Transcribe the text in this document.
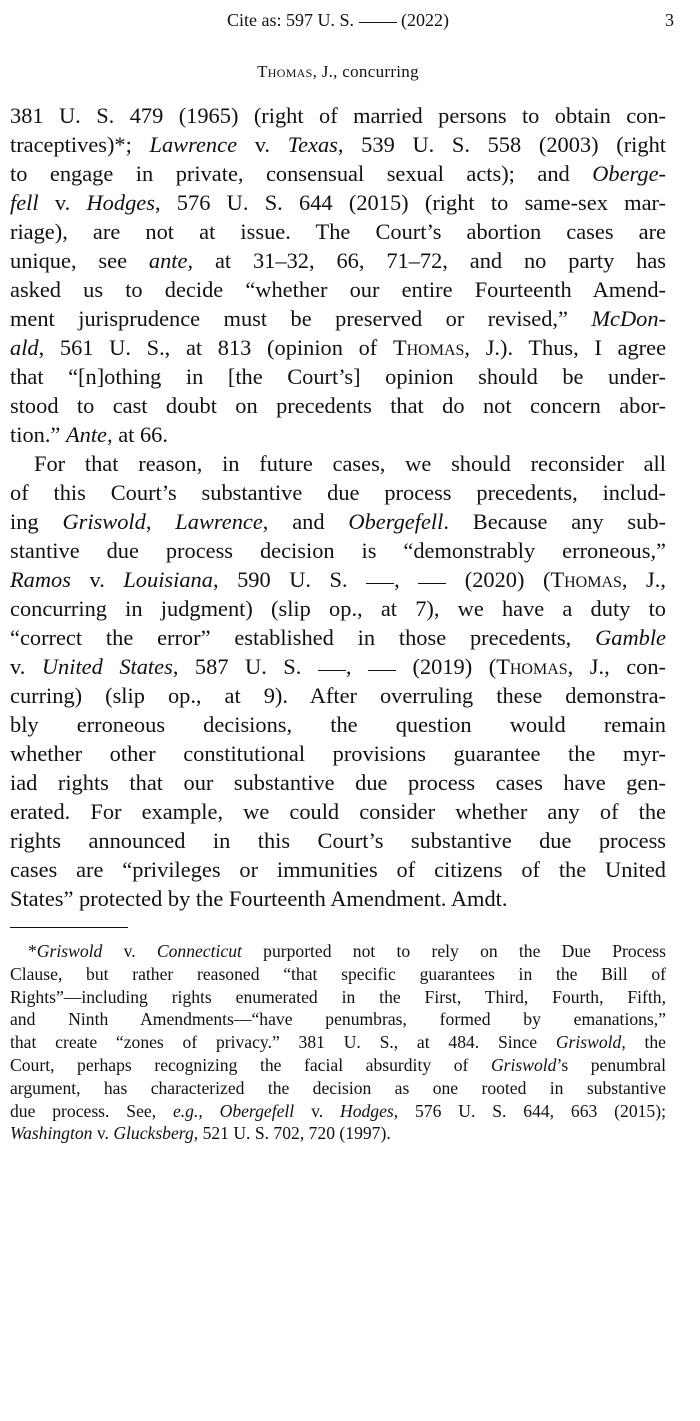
Cite as: 597 U. S.  (2022)	3
Thomas, J., concurring
381 U. S. 479 (1965) (right of married persons to obtain con-
traceptives)*; Lawrence v. Texas, 539 U. S. 558 (2003) (right
to engage in private, consensual sexual acts); and Oberge-
fell v. Hodges, 576 U. S. 644 (2015) (right to same-sex mar-
riage), are not at issue. The Court’s abortion cases are
unique, see ante, at 31–32, 66, 71–72, and no party has
asked us to decide “whether our entire Fourteenth Amend-
ment jurisprudence must be preserved or revised,” McDon-
ald, 561 U. S., at 813 (opinion of Thomas, J.). Thus, I agree
that “[n]othing in [the Court’s] opinion should be under-
stood to cast doubt on precedents that do not concern abor-
tion.” Ante, at 66.
For that reason, in future cases, we should reconsider all
of this Court’s substantive due process precedents, includ-
ing Griswold, Lawrence, and Obergefell. Because any sub-
stantive due process decision is “demonstrably erroneous,”
Ramos v. Louisiana, 590 U. S. ,  (2020) (Thomas, J.,
concurring in judgment) (slip op., at 7), we have a duty to
“correct the error” established in those precedents, Gamble
v. United States, 587 U. S. ,  (2019) (Thomas, J., con-
curring) (slip op., at 9). After overruling these demonstra-
bly erroneous decisions, the question would remain
whether other constitutional provisions guarantee the myr-
iad rights that our substantive due process cases have gen-
erated. For example, we could consider whether any of the
rights announced in this Court’s substantive due process
cases are “privileges or immunities of citizens of the United
States” protected by the Fourteenth Amendment. Amdt.
*Griswold v. Connecticut purported not to rely on the Due Process
Clause, but rather reasoned “that specific guarantees in the Bill of
Rights”—including rights enumerated in the First, Third, Fourth, Fifth,
and Ninth Amendments—“have penumbras, formed by emanations,”
that create “zones of privacy.” 381 U. S., at 484. Since Griswold, the
Court, perhaps recognizing the facial absurdity of Griswold’s penumbral
argument, has characterized the decision as one rooted in substantive
due process. See, e.g., Obergefell v. Hodges, 576 U. S. 644, 663 (2015);
Washington v. Glucksberg, 521 U. S. 702, 720 (1997).
